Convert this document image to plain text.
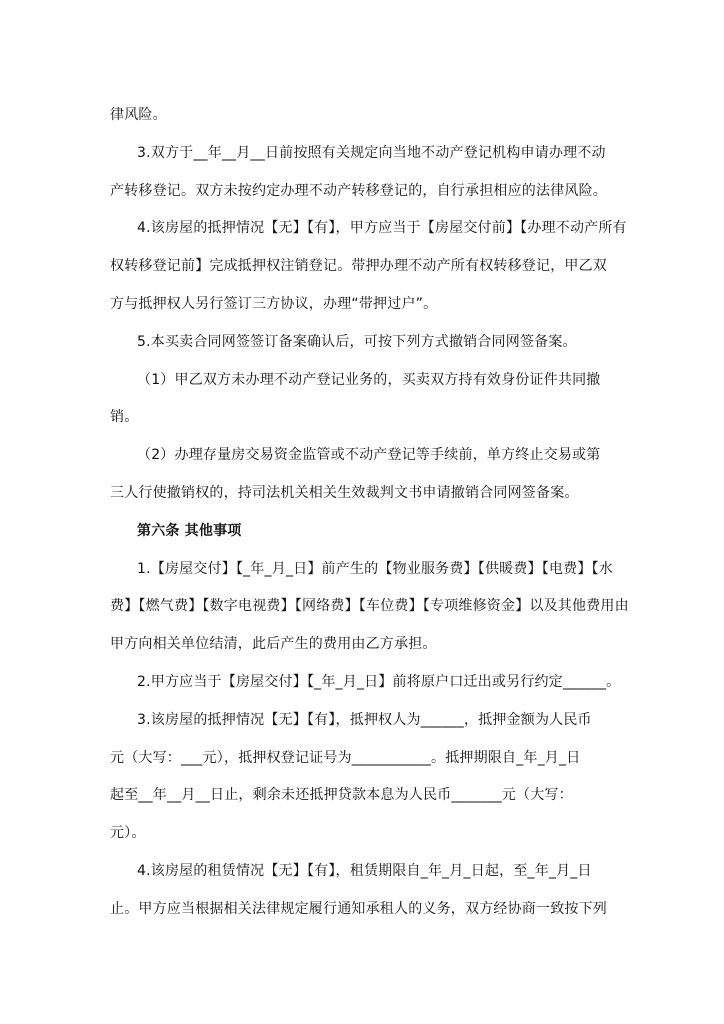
律风险。
3.双方于__年__月__日前按照有关规定向当地不动产登记机构申请办理不动
产转移登记。双方未按约定办理不动产转移登记的，自行承担相应的法律风险。
4.该房屋的抵押情况【无】【有】，甲方应当于【房屋交付前】【办理不动产所有
权转移登记前】完成抵押权注销登记。带押办理不动产所有权转移登记，甲乙双
方与抵押权人另行签订三方协议，办理“带押过户”。
5.本买卖合同网签签订备案确认后，可按下列方式撤销合同网签备案。
（1）甲乙双方未办理不动产登记业务的，买卖双方持有效身份证件共同撤
销。
（2）办理存量房交易资金监管或不动产登记等手续前，单方终止交易或第
三人行使撤销权的，持司法机关相关生效裁判文书申请撤销合同网签备案。
第六条 其他事项
1.【房屋交付】【_年_月_日】前产生的【物业服务费】【供暖费】【电费】【水
费】【燃气费】【数字电视费】【网络费】【车位费】【专项维修资金】以及其他费用由
甲方向相关单位结清，此后产生的费用由乙方承担。
2.甲方应当于【房屋交付】【_年_月_日】前将原户口迁出或另行约定______。
3.该房屋的抵押情况【无】【有】，抵押权人为______，抵押金额为人民币
元（大写：___元），抵押权登记证号为___________。抵押期限自_年_月_日
起至__年__月__日止，剩余未还抵押贷款本息为人民币_______元（大写：
元）。
4.该房屋的租赁情况【无】【有】，租赁期限自_年_月_日起，至_年_月_日
止。甲方应当根据相关法律规定履行通知承租人的义务，双方经协商一致按下列
